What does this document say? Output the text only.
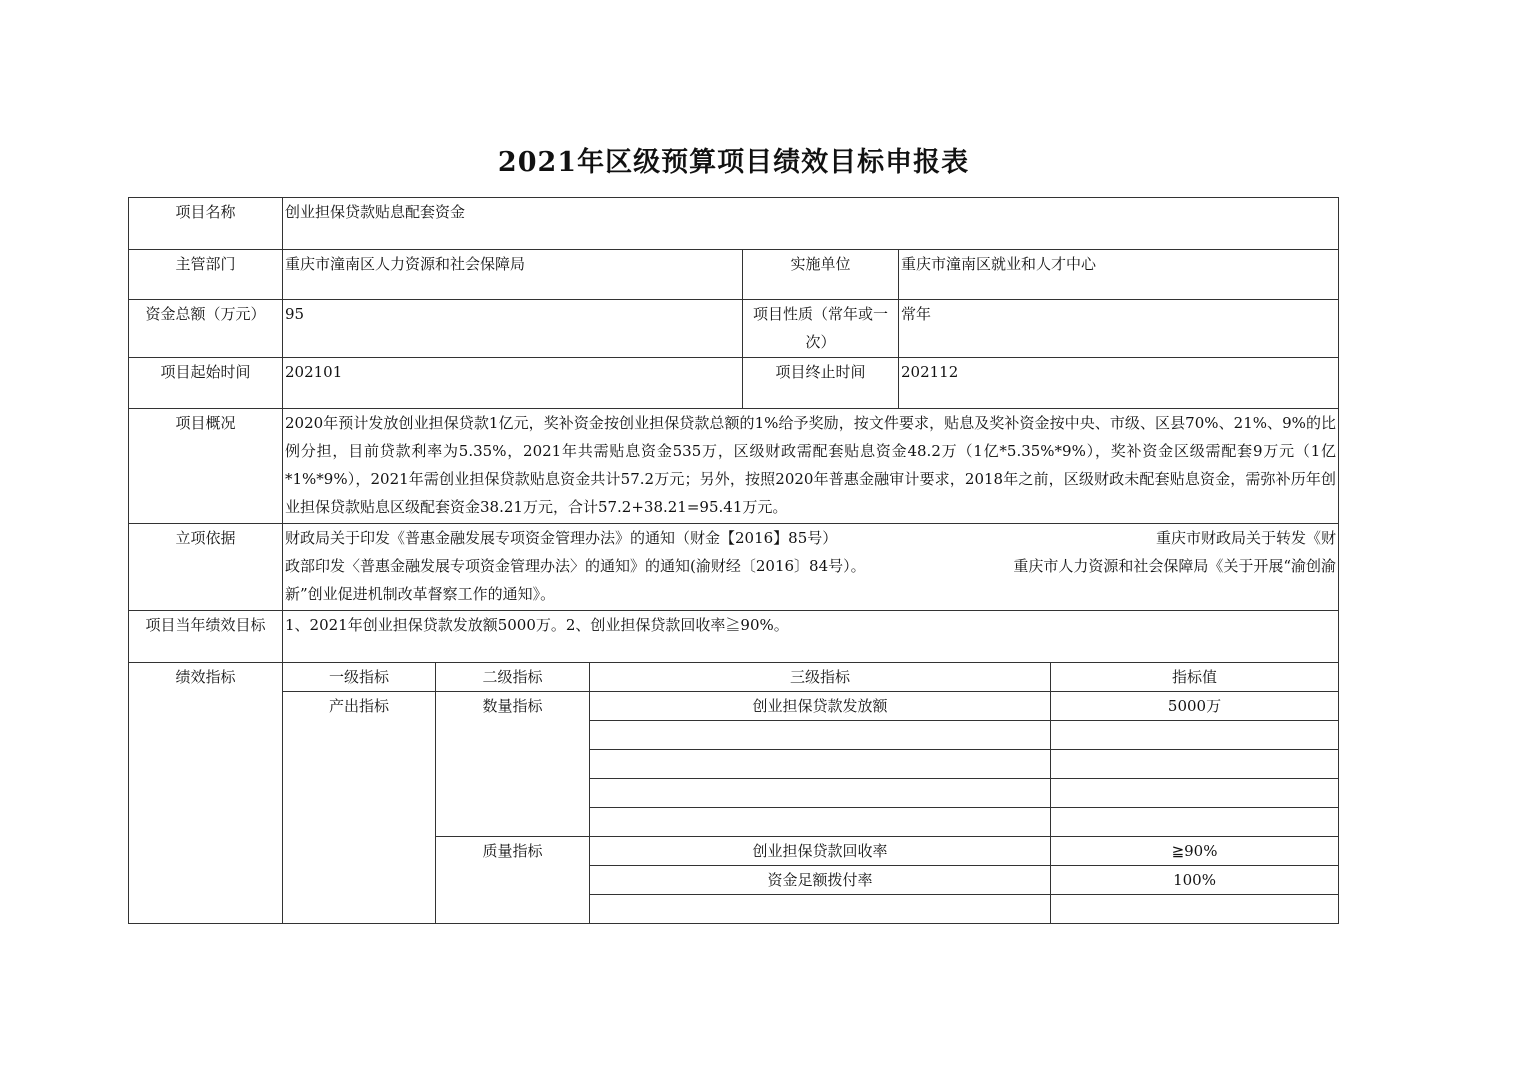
2021年区级预算项目绩效目标申报表
项目名称	创业担保贷款贴息配套资金					
主管部门	重庆市潼南区人力资源和社会保障局			实施单位	重庆市潼南区就业和人才中心	
资金总额（万元）	95			项目性质（常年或一次）	常年	
项目起始时间	202101			项目终止时间	202112	
项目概况	2020年预计发放创业担保贷款1亿元，奖补资金按创业担保贷款总额的1%给予奖励，按文件要求，贴息及奖补资金按中央、市级、区县70%、21%、9%的比例分担，目前贷款利率为5.35%，2021年共需贴息资金535万，区级财政需配套贴息资金48.2万（1亿*5.35%*9%），奖补资金区级需配套9万元（1亿*1%*9%），2021年需创业担保贷款贴息资金共计57.2万元；另外，按照2020年普惠金融审计要求，2018年之前，区级财政未配套贴息资金，需弥补历年创业担保贷款贴息区级配套资金38.21万元，合计57.2+38.21=95.41万元。					
立项依据	财政局关于印发《普惠金融发展专项资金管理办法》的通知（财金【2016】85号） 重庆市财政局关于转发《财
政部印发〈普惠金融发展专项资金管理办法〉的通知》的通知(渝财经〔2016〕84号）。 重庆市人力资源和社会保障局《关于开展“渝创渝
新”创业促进机制改革督察工作的通知》。					

项目当年绩效目标	1、2021年创业担保贷款发放额5000万。2、创业担保贷款回收率≧90%。					
绩效指标	一级指标	二级指标	三级指标			指标值
	产出指标	数量指标	创业担保贷款发放额			5000万

		质量指标	创业担保贷款回收率			≧90%
			资金足额拨付率			100%
